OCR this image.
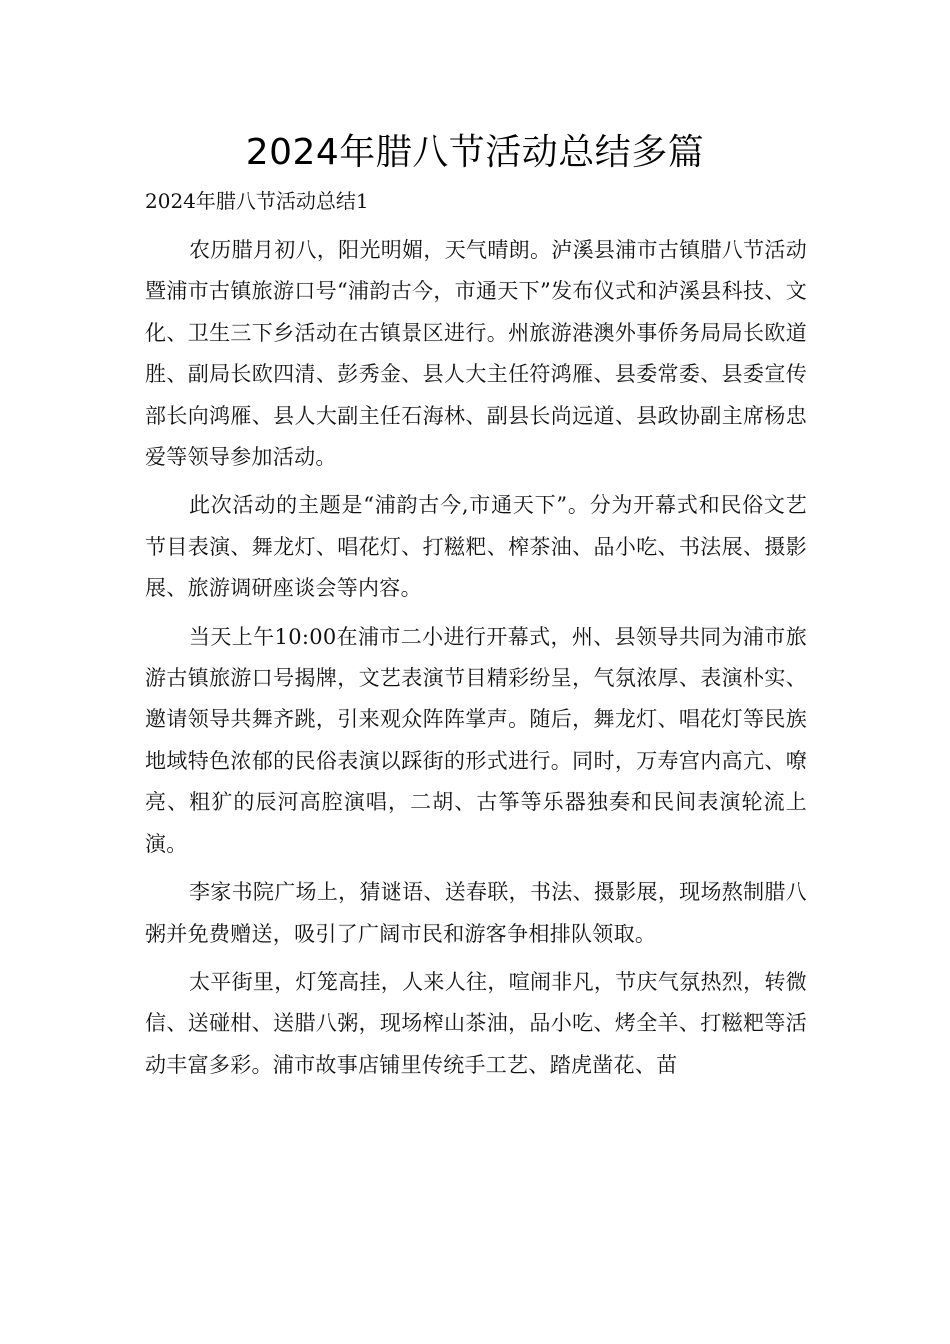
2024年腊八节活动总结多篇
2024年腊八节活动总结1

农历腊月初八，阳光明媚，天气晴朗。泸溪县浦市古镇腊八节活动暨浦市古镇旅游口号“浦韵古今，市通天下”发布仪式和泸溪县科技、文化、卫生三下乡活动在古镇景区进行。州旅游港澳外事侨务局局长欧道胜、副局长欧四清、彭秀金、县人大主任符鸿雁、县委常委、县委宣传部长向鸿雁、县人大副主任石海林、副县长尚远道、县政协副主席杨忠爱等领导参加活动。

此次活动的主题是“浦韵古今,市通天下”。分为开幕式和民俗文艺节目表演、舞龙灯、唱花灯、打糍粑、榨茶油、品小吃、书法展、摄影展、旅游调研座谈会等内容。

当天上午10:00在浦市二小进行开幕式，州、县领导共同为浦市旅游古镇旅游口号揭牌，文艺表演节目精彩纷呈，气氛浓厚、表演朴实、邀请领导共舞齐跳，引来观众阵阵掌声。随后，舞龙灯、唱花灯等民族地域特色浓郁的民俗表演以踩街的形式进行。同时，万寿宫内高亢、嘹亮、粗犷的辰河高腔演唱，二胡、古筝等乐器独奏和民间表演轮流上演。

李家书院广场上，猜谜语、送春联，书法、摄影展，现场熬制腊八粥并免费赠送，吸引了广阔市民和游客争相排队领取。

太平街里，灯笼高挂，人来人往，喧闹非凡，节庆气氛热烈，转微信、送碰柑、送腊八粥，现场榨山茶油，品小吃、烤全羊、打糍粑等活动丰富多彩。浦市故事店铺里传统手工艺、踏虎凿花、苗
